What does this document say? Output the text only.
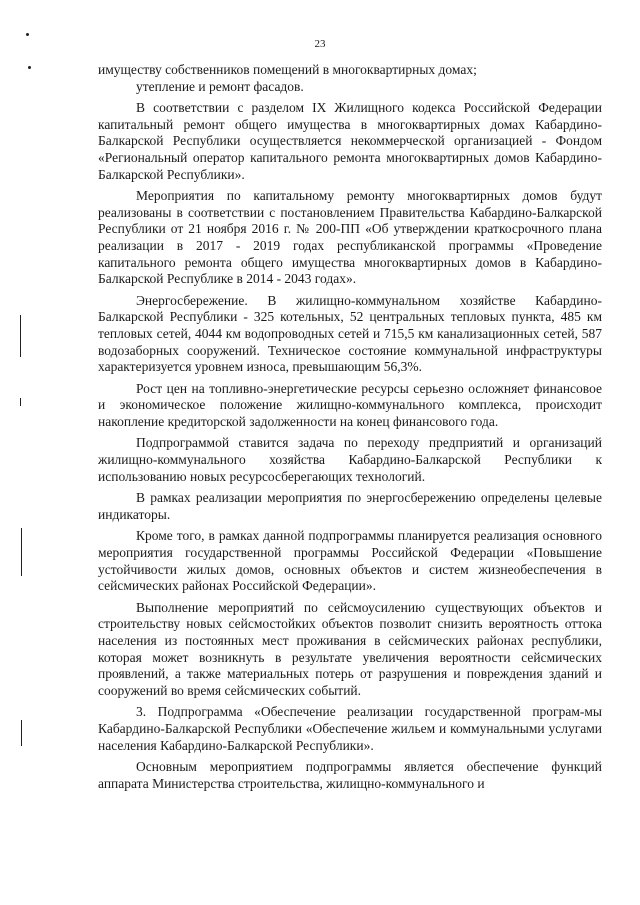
23

имуществу собственников помещений в многоквартирных домах;

утепление и ремонт фасадов.

В соответствии с разделом IX Жилищного кодекса Российской Федерации капитальный ремонт общего имущества в многоквартирных домах Кабардино-Балкарской Республики осуществляется некоммерческой организацией - Фондом «Региональный оператор капитального ремонта многоквартирных домов Кабардино-Балкарской Республики».

Мероприятия по капитальному ремонту многоквартирных домов будут реализованы в соответствии с постановлением Правительства Кабардино-Балкарской Республики от 21 ноября 2016 г. № 200-ПП «Об утверждении краткосрочного плана реализации в 2017 - 2019 годах республиканской программы «Проведение капитального ремонта общего имущества многоквартирных домов в Кабардино-Балкарской Республике в 2014 - 2043 годах».

Энергосбережение. В жилищно-коммунальном хозяйстве Кабардино-Балкарской Республики - 325 котельных, 52 центральных тепловых пункта, 485 км тепловых сетей, 4044 км водопроводных сетей и 715,5 км канализационных сетей, 587 водозаборных сооружений. Техническое состояние коммунальной инфраструктуры характеризуется уровнем износа, превышающим 56,3%.

Рост цен на топливно-энергетические ресурсы серьезно осложняет финансовое и экономическое положение жилищно-коммунального комплекса, происходит накопление кредиторской задолженности на конец финансового года.

Подпрограммой ставится задача по переходу предприятий и организаций жилищно-коммунального хозяйства Кабардино-Балкарской Республики к использованию новых ресурсосберегающих технологий.

В рамках реализации мероприятия по энергосбережению определены целевые индикаторы.

Кроме того, в рамках данной подпрограммы планируется реализация основного мероприятия государственной программы Российской Федерации «Повышение устойчивости жилых домов, основных объектов и систем жизнеобеспечения в сейсмических районах Российской Федерации».

Выполнение мероприятий по сейсмоусилению существующих объектов и строительству новых сейсмостойких объектов позволит снизить вероятность оттока населения из постоянных мест проживания в сейсмических районах республики, которая может возникнуть в результате увеличения вероятности сейсмических проявлений, а также материальных потерь от разрушения и повреждения зданий и сооружений во время сейсмических событий.

3. Подпрограмма «Обеспечение реализации государственной програм-мы Кабардино-Балкарской Республики «Обеспечение жильем и коммунальными услугами населения Кабардино-Балкарской Республики».

Основным мероприятием подпрограммы является обеспечение функций аппарата Министерства строительства, жилищно-коммунального и
